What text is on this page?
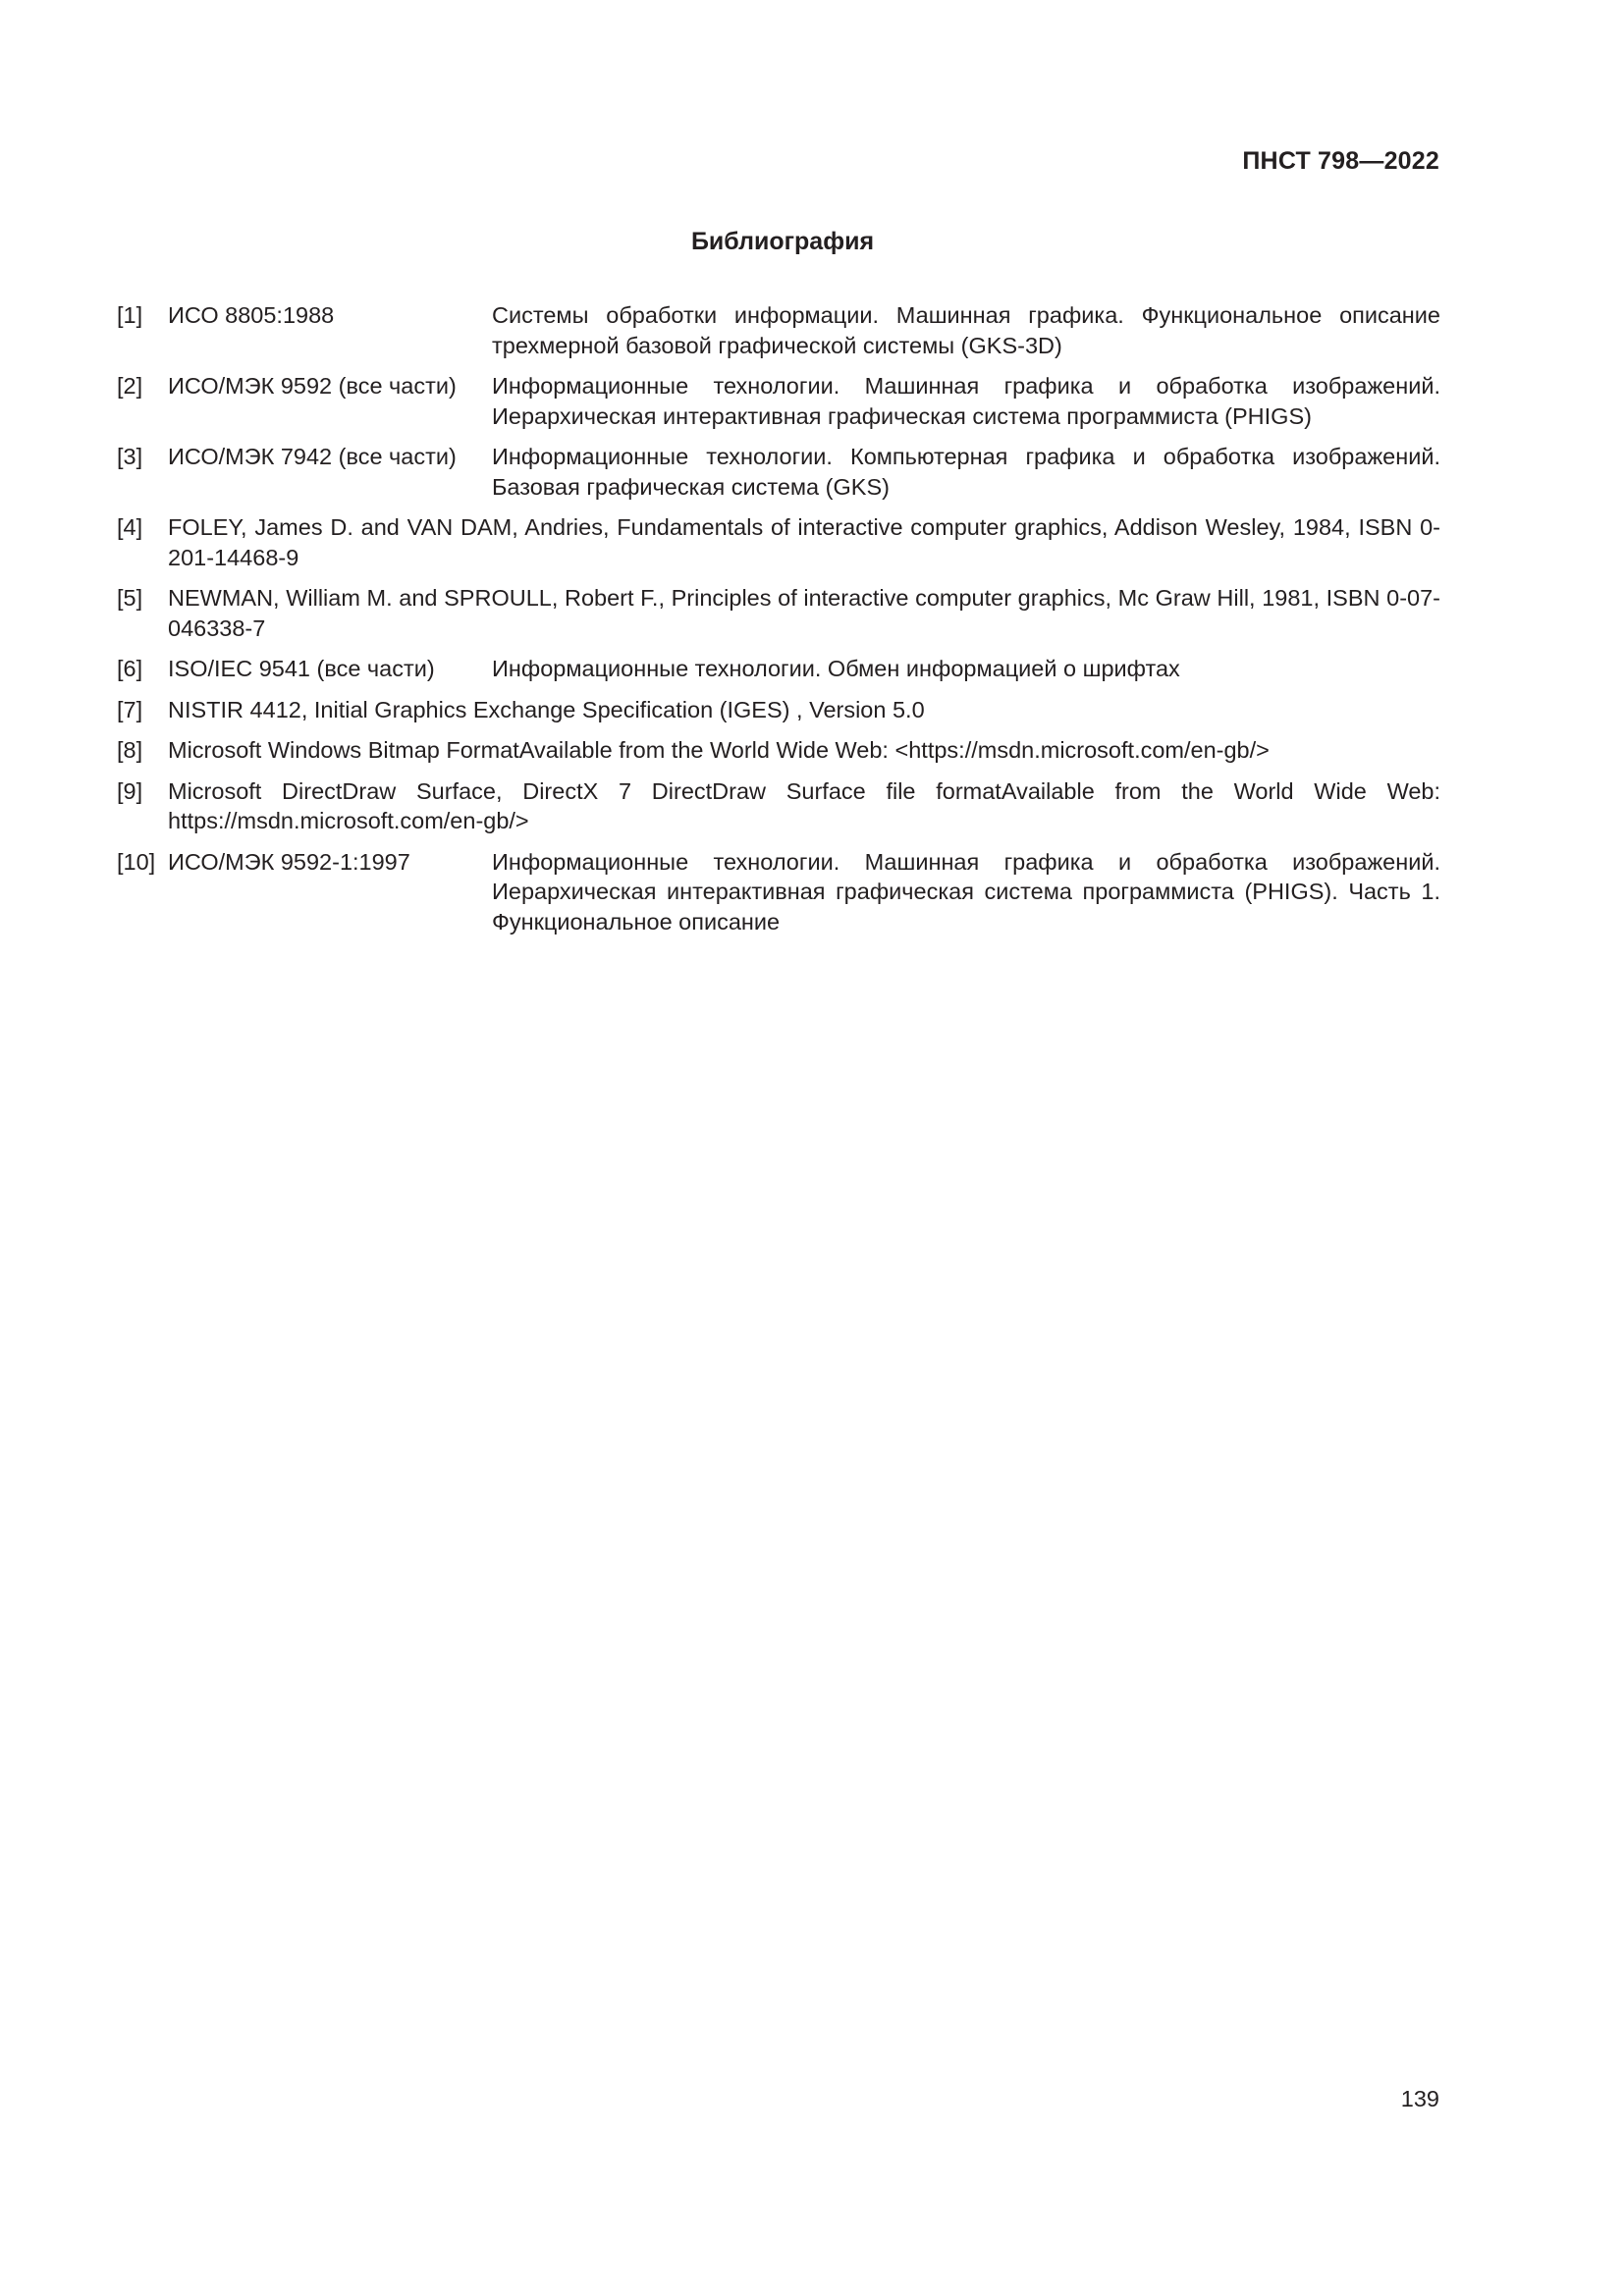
ПНСТ 798—2022
Библиография
[1]	ИСО 8805:1988	Системы обработки информации. Машинная графика. Функциональное описание трехмерной базовой графической системы (GKS-3D)
[2]	ИСО/МЭК 9592 (все части)	Информационные технологии. Машинная графика и обработка изображений. Иерархическая интерактивная графическая система программиста (PHIGS)
[3]	ИСО/МЭК 7942 (все части)	Информационные технологии. Компьютерная графика и обработка изображений. Базовая графическая система (GKS)
[4]	FOLEY, James D. and VAN DAM, Andries, Fundamentals of interactive computer graphics, Addison Wesley, 1984, ISBN 0-201-14468-9
[5]	NEWMAN, William M. and SPROULL, Robert F., Principles of interactive computer graphics, Mc Graw Hill, 1981, ISBN 0-07-046338-7
[6]	ISO/IEC 9541 (все части)	Информационные технологии. Обмен информацией о шрифтах
[7]	NISTIR 4412, Initial Graphics Exchange Specification (IGES) , Version 5.0
[8]	Microsoft Windows Bitmap FormatAvailable from the World Wide Web: <https://msdn.microsoft.com/en-gb/>
[9]	Microsoft DirectDraw Surface, DirectX 7 DirectDraw Surface file formatAvailable from the World Wide Web: https://msdn.microsoft.com/en-gb/>
[10] ИСО/МЭК 9592-1:1997	Информационные технологии. Машинная графика и обработка изображений. Иерархическая интерактивная графическая система программиста (PHIGS). Часть 1. Функциональное описание
139
